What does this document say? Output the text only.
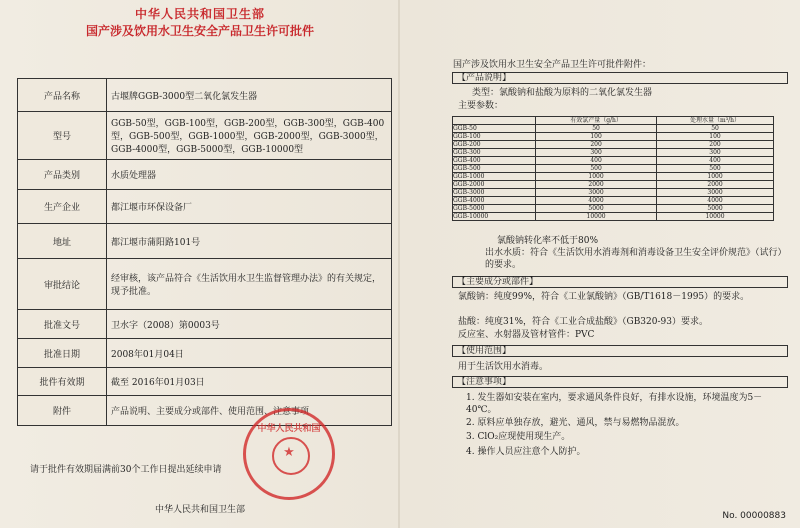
中华人民共和国卫生部
国产涉及饮用水卫生安全产品卫生许可批件
产品名称	古堰牌GGB-3000型二氧化氯发生器
型号	GGB-50型，GGB-100型，GGB-200型，GGB-300型，GGB-400型，GGB-500型，GGB-1000型，GGB-2000型，GGB-3000型，GGB-4000型，GGB-5000型，GGB-10000型
产品类别	水质处理器
生产企业	都江堰市环保设备厂
地址	都江堰市蒲阳路101号
审批结论	经审核，该产品符合《生活饮用水卫生监督管理办法》的有关规定，现予批准。
批准文号	卫水字（2008）第0003号
批准日期	2008年01月04日
批件有效期	截至 2016年01月03日
附件	产品说明、主要成分或部件、使用范围、注意事项
请于批件有效期届满前30个工作日提出延续申请
中华人民共和国卫生部
中华人民共和国
★
国产涉及饮用水卫生安全产品卫生许可批件附件：
【产品说明】
类型：氯酸钠和盐酸为原料的二氧化氯发生器
主要参数：
	有效氯产量（g/h）	处理水量（m³/h）
GGB-50	50	50
GGB-100	100	100
GGB-200	200	200
GGB-300	300	300
GGB-400	400	400
GGB-500	500	500
GGB-1000	1000	1000
GGB-2000	2000	2000
GGB-3000	3000	3000
GGB-4000	4000	4000
GGB-5000	5000	5000
GGB-10000	10000	10000
氯酸钠转化率不低于80%
出水水质：符合《生活饮用水消毒剂和消毒设备卫生安全评价规范》（试行）的要求。
【主要成分或部件】
氯酸钠：纯度99%，符合《工业氯酸钠》（GB/T1618－1995）的要求。
盐酸：纯度31%，符合《工业合成盐酸》（GB320-93）要求。
反应室、水射器及管材管件：PVC
【使用范围】
用于生活饮用水消毒。
【注意事项】
1. 发生器如安装在室内，要求通风条件良好，有排水设施，环境温度为5－40℃。
2. 原料应单独存放，避光、通风，禁与易燃物品混放。
3. ClO₂应现使用现生产。
4. 操作人员应注意个人防护。
No. 00000883
